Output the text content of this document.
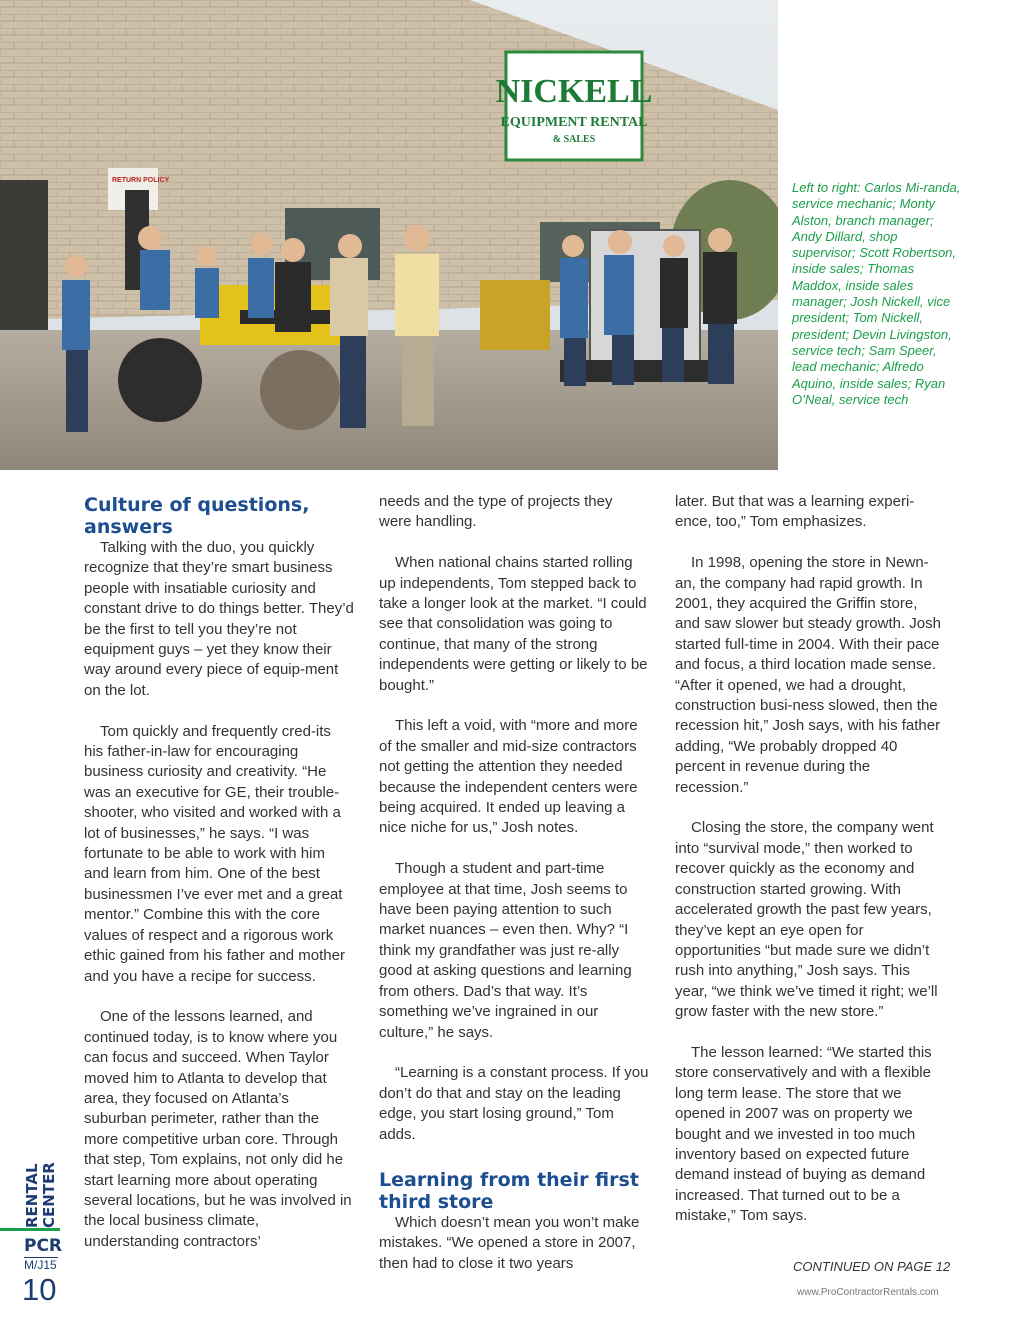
RETURN POLICY
NICKELL
EQUIPMENT RENTAL
& SALES

Left to right: Carlos Mi-randa, service mechanic; Monty Alston, branch manager; Andy Dillard, shop supervisor; Scott Robertson, inside sales; Thomas Maddox, inside sales manager; Josh Nickell, vice president; Tom Nickell, president; Devin Livingston, service tech; Sam Speer, lead mechanic; Alfredo Aquino, inside sales; Ryan O’Neal, service tech

Culture of questions, answers

Talking with the duo, you quickly recognize that they’re smart business people with insatiable curiosity and constant drive to do things better. They’d be the first to tell you they’re not equipment guys – yet they know their way around every piece of equip-ment on the lot.

Tom quickly and frequently cred-its his father-in-law for encouraging business curiosity and creativity. “He was an executive for GE, their trouble-shooter, who visited and worked with a lot of businesses,” he says. “I was fortunate to be able to work with him and learn from him. One of the best businessmen I’ve ever met and a great mentor.” Combine this with the core values of respect and a rigorous work ethic gained from his father and mother and you have a recipe for success.

One of the lessons learned, and continued today, is to know where you can focus and succeed. When Taylor moved him to Atlanta to develop that area, they focused on Atlanta’s suburban perimeter, rather than the more competitive urban core. Through that step, Tom explains, not only did he start learning more about operating several locations, but he was involved in the local business climate, understanding contractors’

needs and the type of projects they were handling.

When national chains started rolling up independents, Tom stepped back to take a longer look at the market. “I could see that consolidation was going to continue, that many of the strong independents were getting or likely to be bought.”

This left a void, with “more and more of the smaller and mid-size contractors not getting the attention they needed because the independent centers were being acquired. It ended up leaving a nice niche for us,” Josh notes.

Though a student and part-time employee at that time, Josh seems to have been paying attention to such market nuances – even then. Why? “I think my grandfather was just re-ally good at asking questions and learning from others. Dad’s that way. It’s something we’ve ingrained in our culture,” he says.

“Learning is a constant process. If you don’t do that and stay on the leading edge, you start losing ground,” Tom adds.

Learning from their first third store

Which doesn’t mean you won’t make mistakes. “We opened a store in 2007, then had to close it two years

later. But that was a learning experi-ence, too,” Tom emphasizes.

In 1998, opening the store in Newn-an, the company had rapid growth. In 2001, they acquired the Griffin store, and saw slower but steady growth. Josh started full-time in 2004. With their pace and focus, a third location made sense. “After it opened, we had a drought, construction busi-ness slowed, then the recession hit,” Josh says, with his father adding, “We probably dropped 40 percent in revenue during the recession.”

Closing the store, the company went into “survival mode,” then worked to recover quickly as the economy and construction started growing. With accelerated growth the past few years, they’ve kept an eye open for opportunities “but made sure we didn’t rush into anything,” Josh says. This year, “we think we’ve timed it right; we’ll grow faster with the new store.”

The lesson learned: “We started this store conservatively and with a flexible long term lease. The store that we opened in 2007 was on property we bought and we invested in too much inventory based on expected future demand instead of buying as demand increased. That turned out to be a mistake,” Tom says.

CONTINUED ON PAGE 12
www.ProContractorRentals.com
RENTAL
CENTER
PCR
M/J15
10
